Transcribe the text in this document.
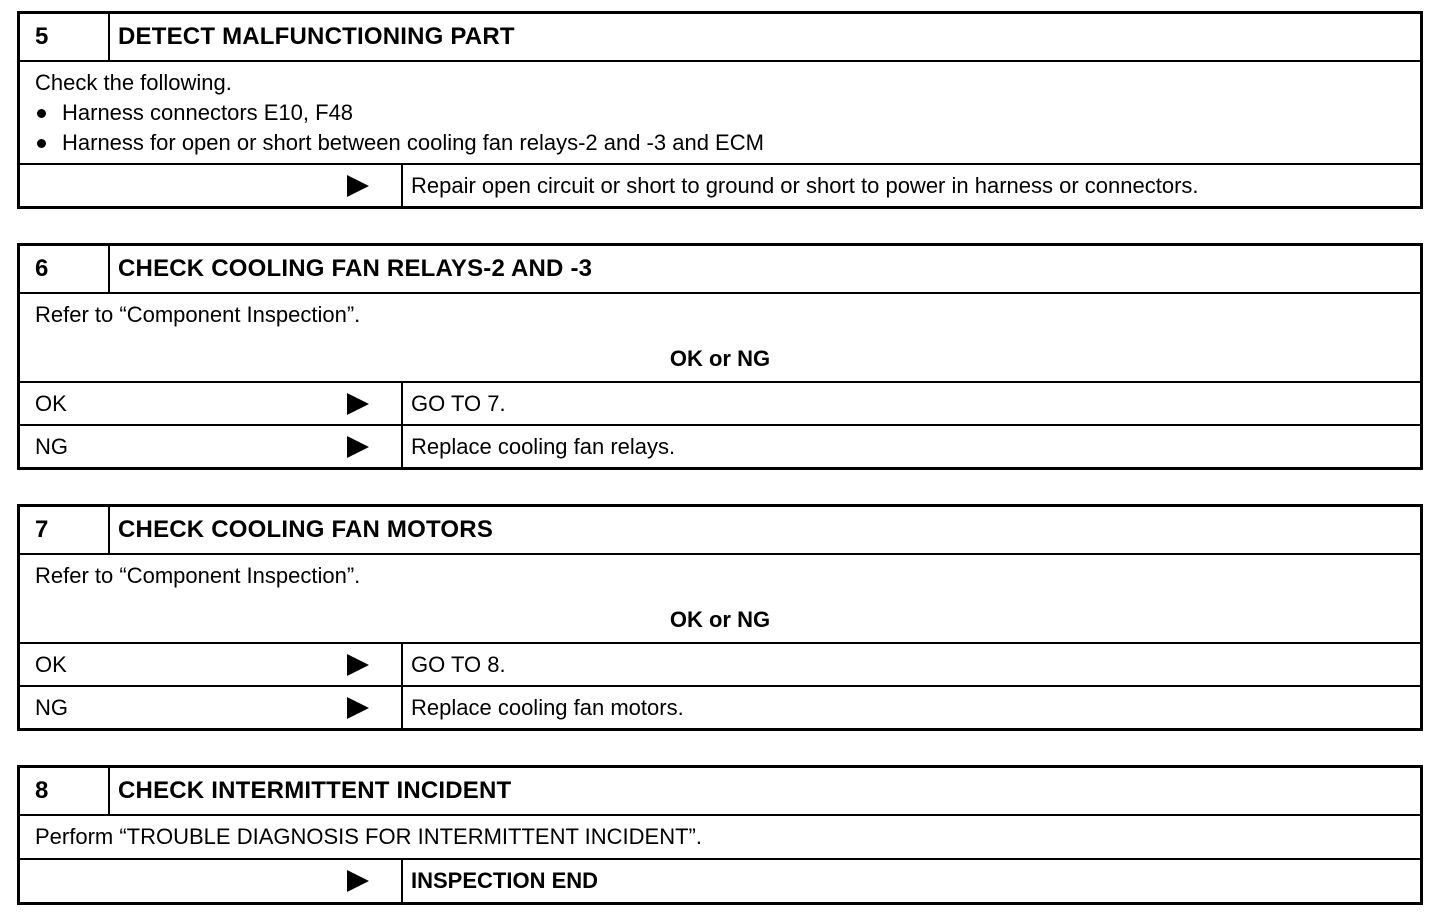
5	DETECT MALFUNCTIONING PART
Check the following.
Harness connectors E10, F48
Harness for open or short between cooling fan relays-2 and -3 and ECM
Repair open circuit or short to ground or short to power in harness or connectors.
6	CHECK COOLING FAN RELAYS-2 AND -3
Refer to “Component Inspection”.
OK or NG
OK	GO TO 7.
NG	Replace cooling fan relays.
7	CHECK COOLING FAN MOTORS
Refer to “Component Inspection”.
OK or NG
OK	GO TO 8.
NG	Replace cooling fan motors.
8	CHECK INTERMITTENT INCIDENT
Perform “TROUBLE DIAGNOSIS FOR INTERMITTENT INCIDENT”.
INSPECTION END
